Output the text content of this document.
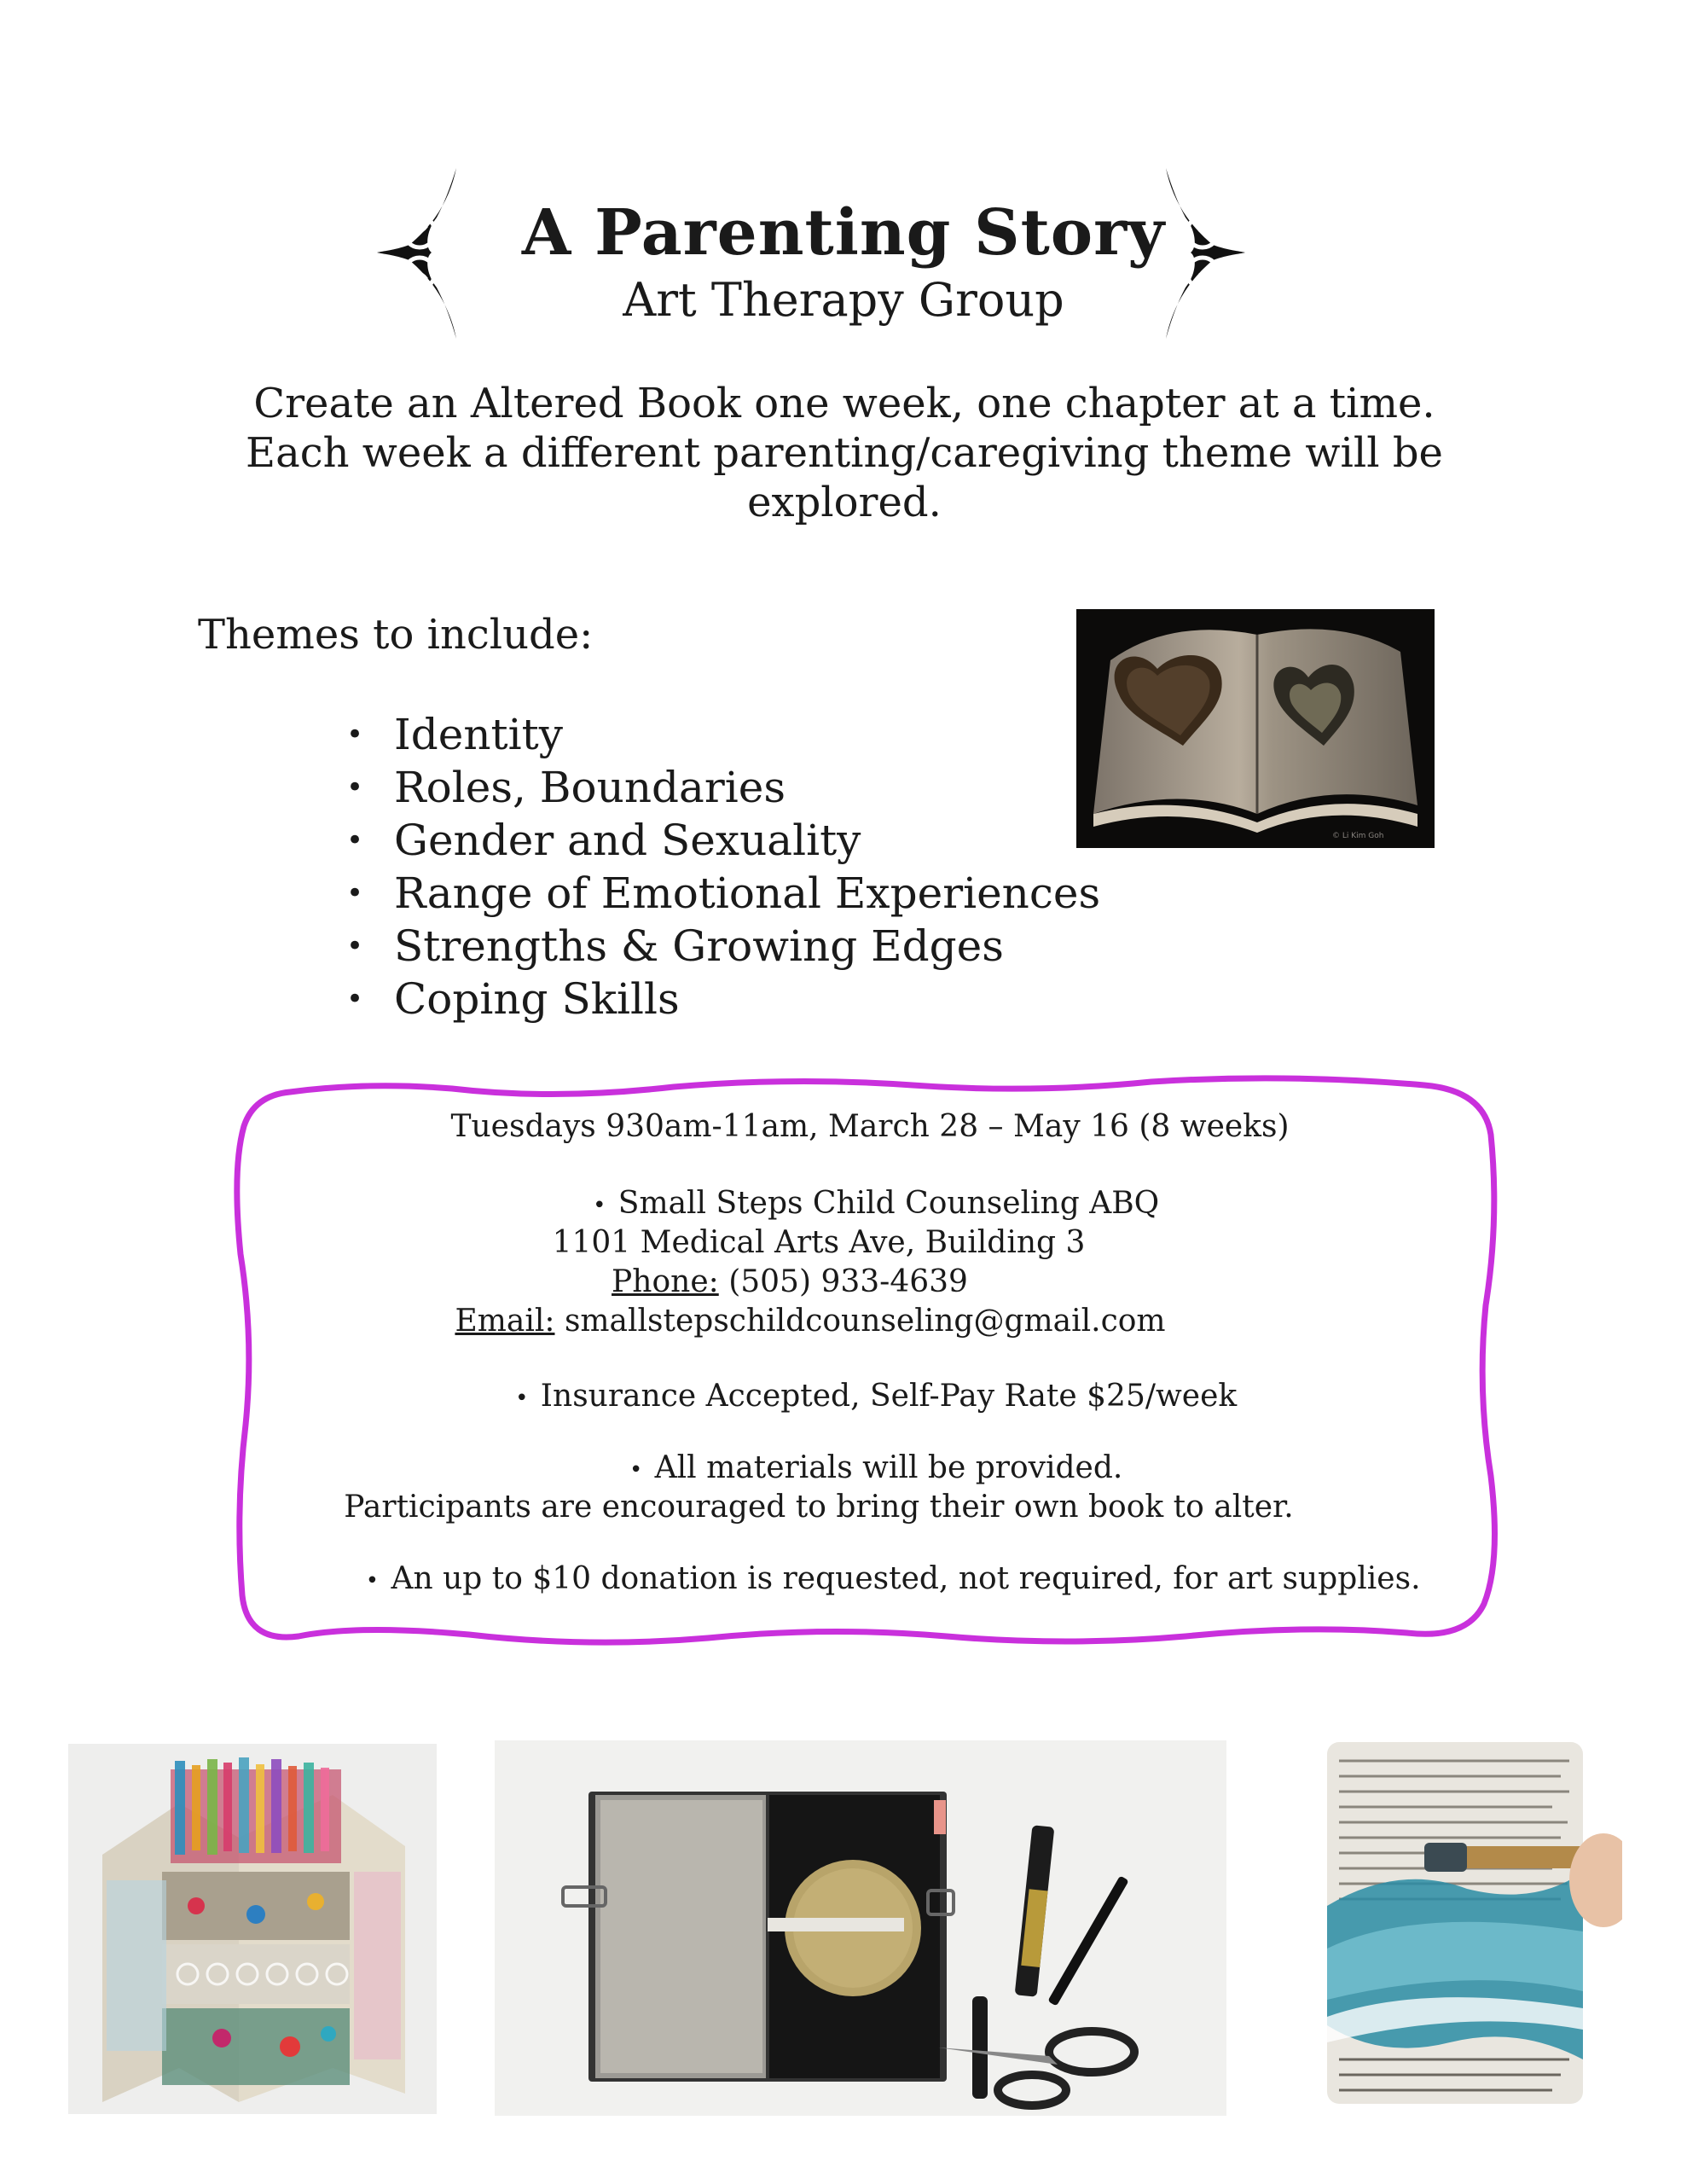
A Parenting Story
Art Therapy Group
Create an Altered Book one week, one chapter at a time.
Each week a different parenting/caregiving theme will be
explored.
Themes to include:
• Identity
• Roles, Boundaries
• Gender and Sexuality
• Range of Emotional Experiences
• Strengths & Growing Edges
• Coping Skills
© Li Kim Goh
Tuesdays 930am-11am, March 28 – May 16 (8 weeks)
• Small Steps Child Counseling ABQ
1101 Medical Arts Ave, Building 3
Phone: (505) 933-4639
Email: smallstepschildcounseling@gmail.com
• Insurance Accepted, Self-Pay Rate $25/week
• All materials will be provided.
Participants are encouraged to bring their own book to alter.
• An up to $10 donation is requested, not required, for art supplies.
